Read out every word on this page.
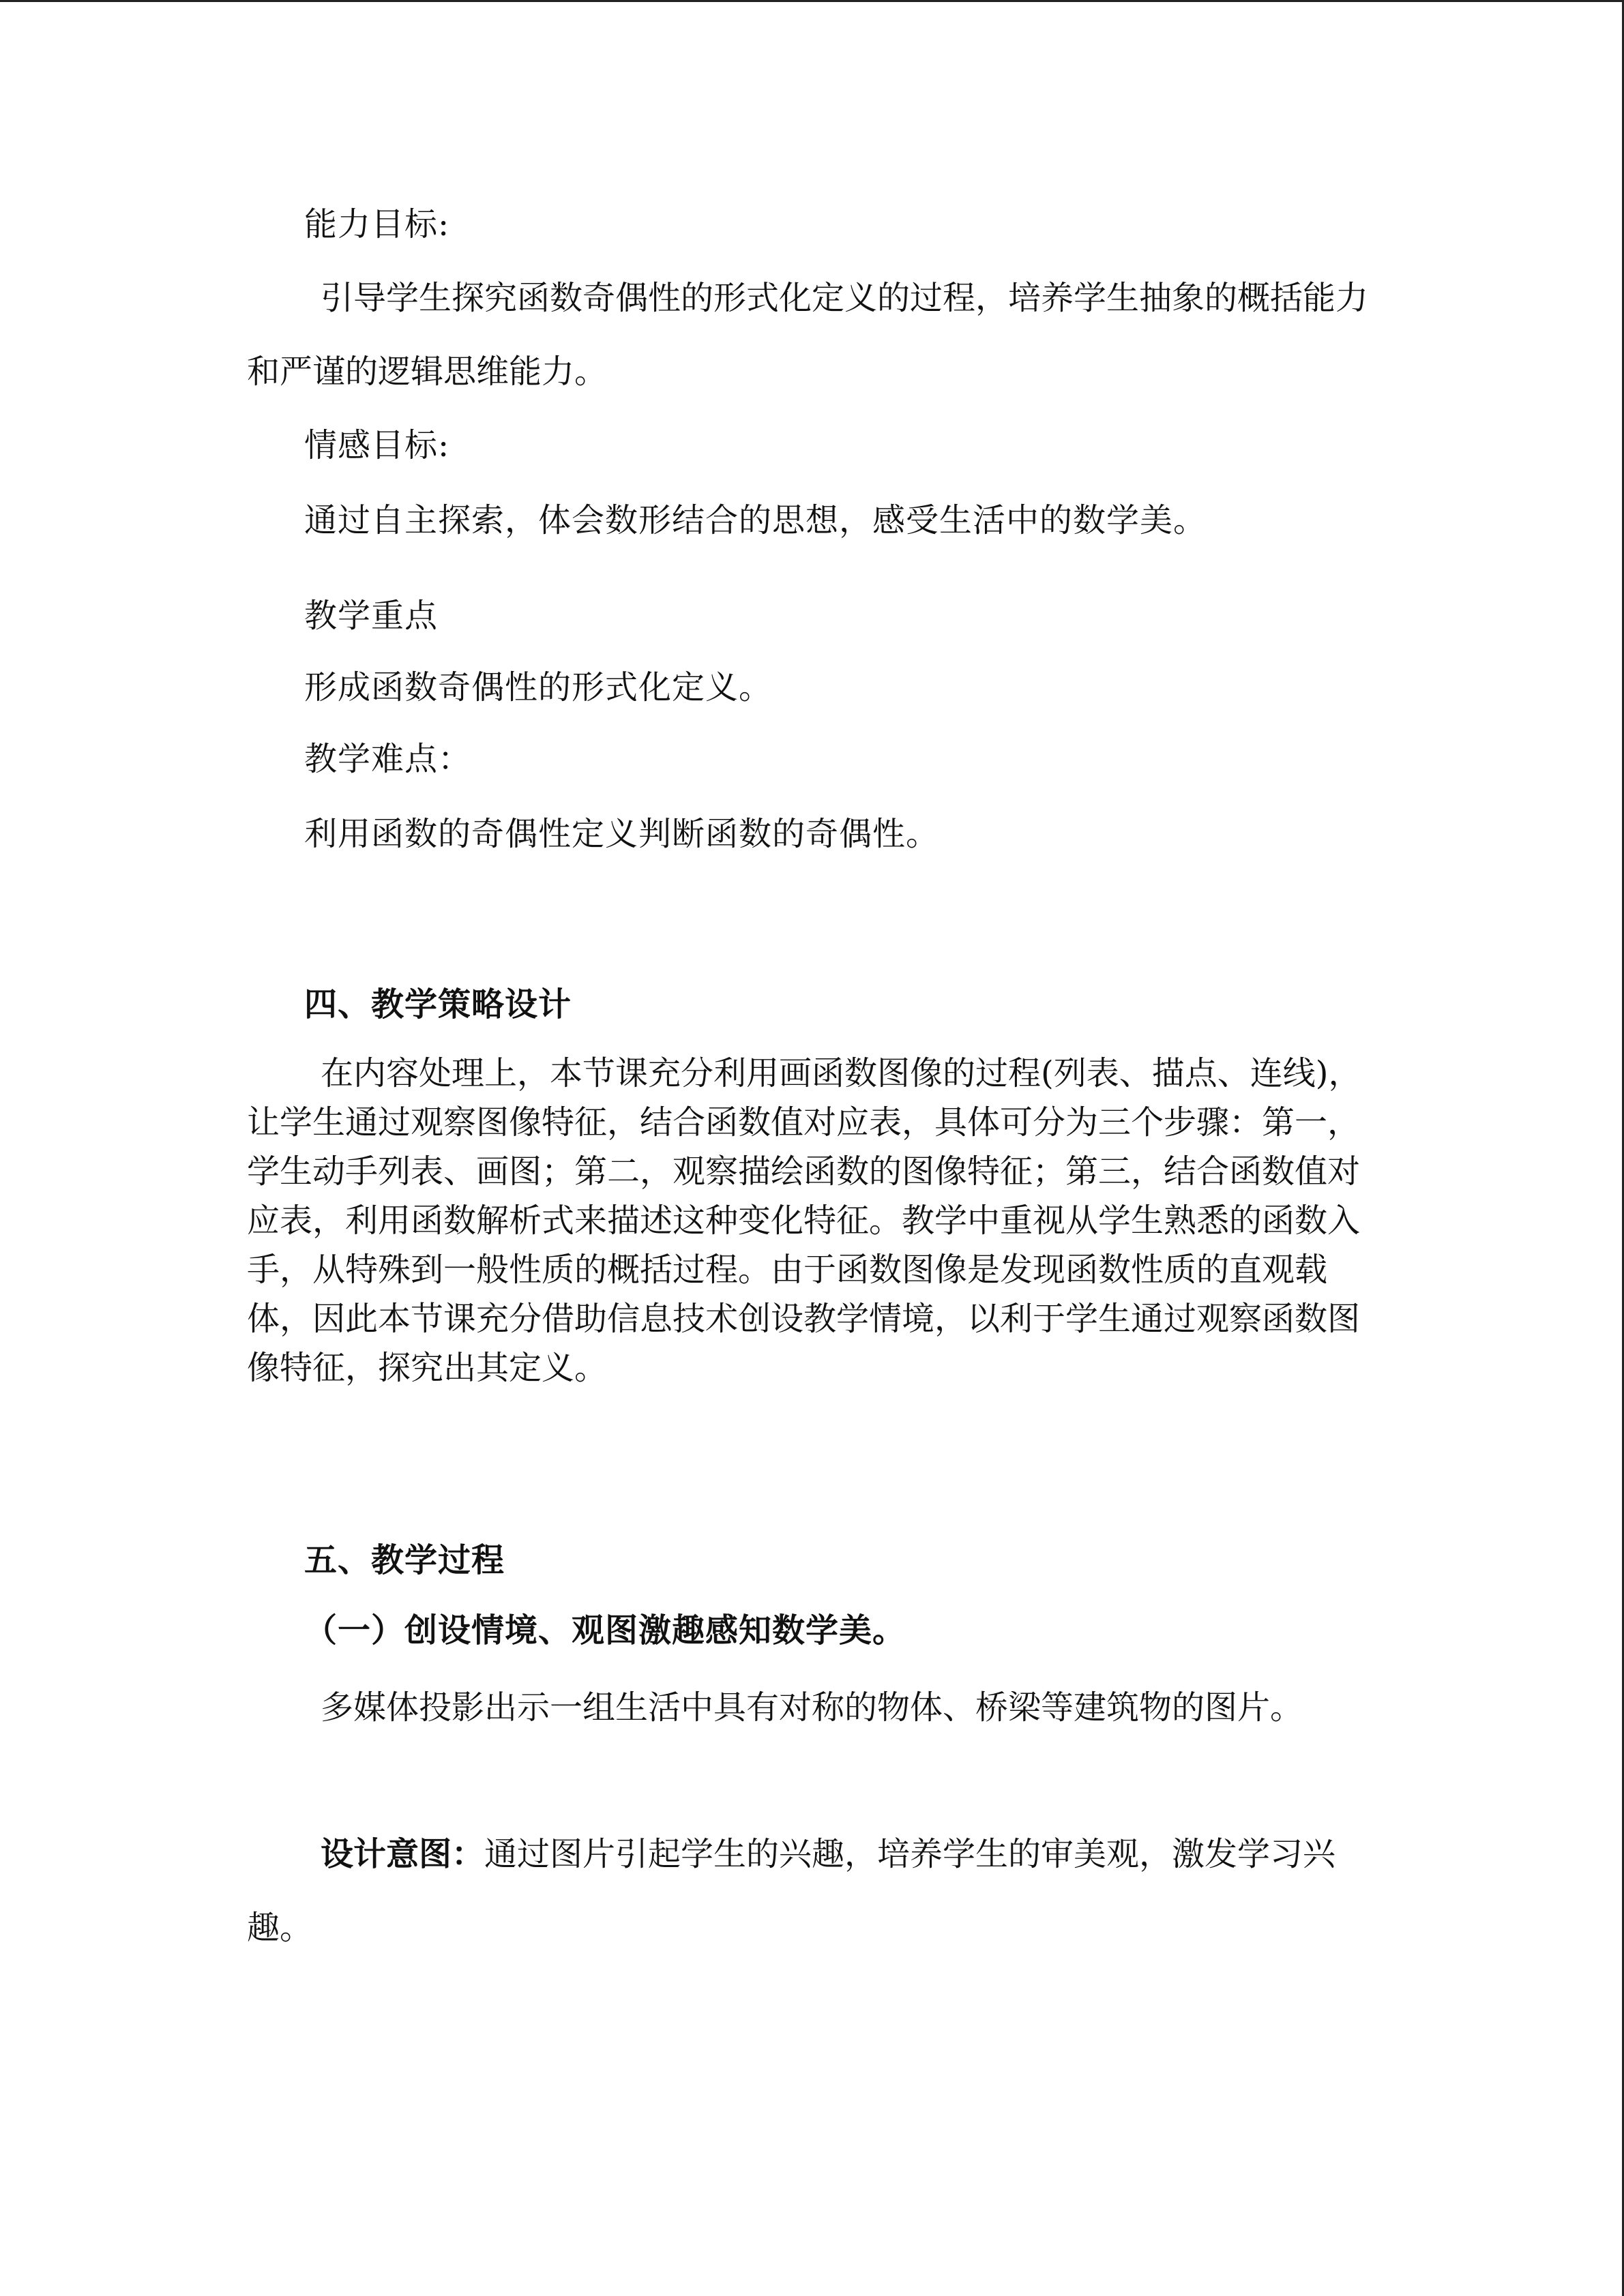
能力目标:
引导学生探究函数奇偶性的形式化定义的过程，培养学生抽象的概括能力和严谨的逻辑思维能力。
情感目标:
通过自主探索，体会数形结合的思想，感受生活中的数学美。
教学重点
形成函数奇偶性的形式化定义。
教学难点：
利用函数的奇偶性定义判断函数的奇偶性。
四、教学策略设计
在内容处理上，本节课充分利用画函数图像的过程(列表、描点、连线)，让学生通过观察图像特征，结合函数值对应表，具体可分为三个步骤：第一，学生动手列表、画图；第二，观察描绘函数的图像特征；第三，结合函数值对应表，利用函数解析式来描述这种变化特征。教学中重视从学生熟悉的函数入手，从特殊到一般性质的概括过程。由于函数图像是发现函数性质的直观载体，因此本节课充分借助信息技术创设教学情境，以利于学生通过观察函数图像特征，探究出其定义。
五、教学过程
（一）创设情境、观图激趣感知数学美。
多媒体投影出示一组生活中具有对称的物体、桥梁等建筑物的图片。
设计意图：通过图片引起学生的兴趣，培养学生的审美观，激发学习兴趣。
